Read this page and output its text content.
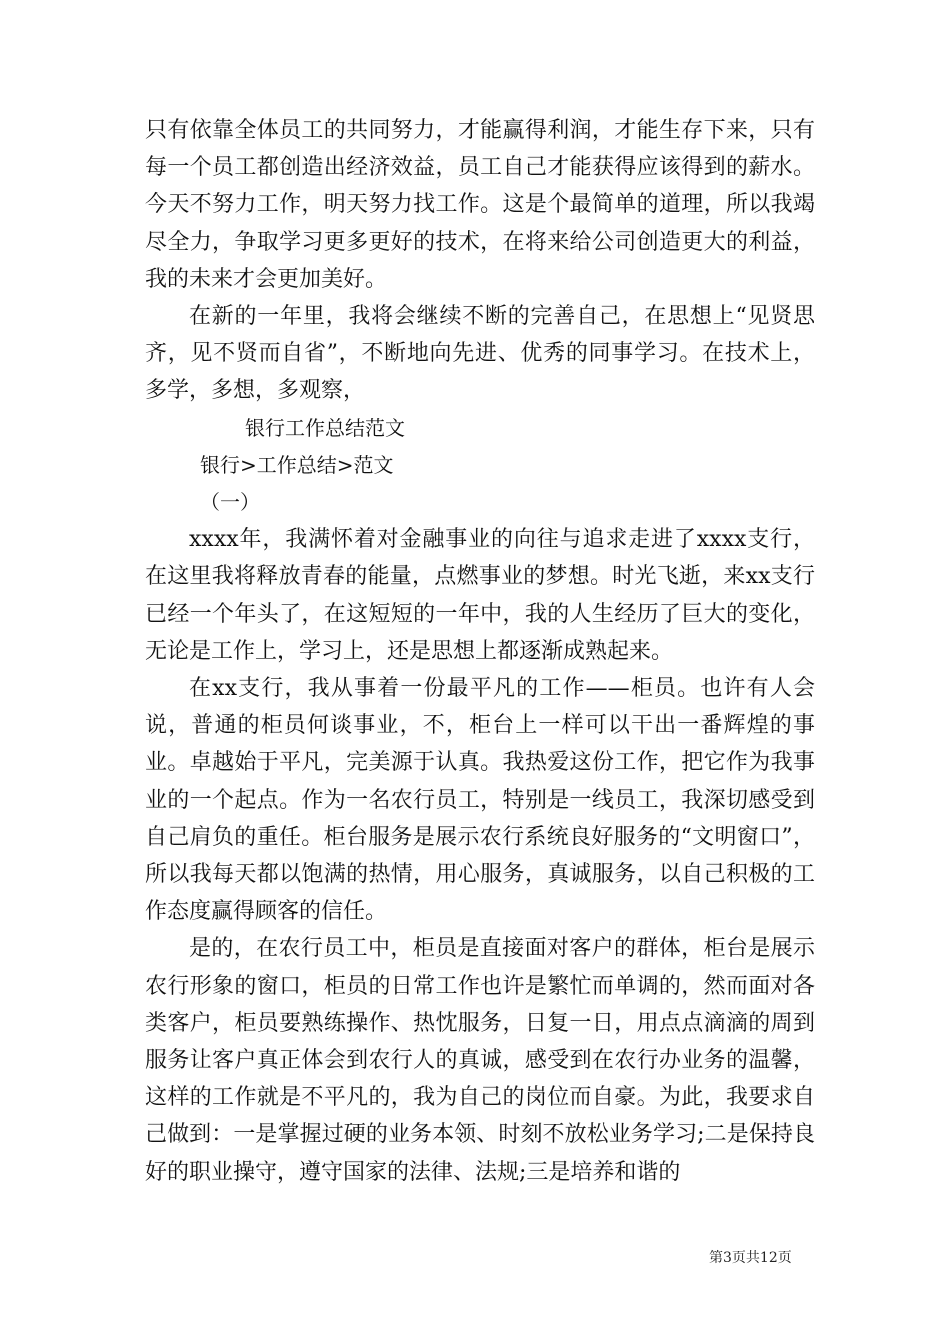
只有依靠全体员工的共同努力，才能赢得利润，才能生存下来，只有每一个员工都创造出经济效益，员工自己才能获得应该得到的薪水。今天不努力工作，明天努力找工作。这是个最简单的道理，所以我竭尽全力，争取学习更多更好的技术，在将来给公司创造更大的利益，我的未来才会更加美好。

在新的一年里，我将会继续不断的完善自己，在思想上“见贤思齐，见不贤而自省”，不断地向先进、优秀的同事学习。在技术上，多学，多想，多观察，

银行工作总结范文

银行>工作总结>范文

（一）

xxxx年，我满怀着对金融事业的向往与追求走进了xxxx支行，在这里我将释放青春的能量，点燃事业的梦想。时光飞逝，来xx支行已经一个年头了，在这短短的一年中，我的人生经历了巨大的变化，无论是工作上，学习上，还是思想上都逐渐成熟起来。

在xx支行，我从事着一份最平凡的工作——柜员。也许有人会说，普通的柜员何谈事业，不，柜台上一样可以干出一番辉煌的事业。卓越始于平凡，完美源于认真。我热爱这份工作，把它作为我事业的一个起点。作为一名农行员工，特别是一线员工，我深切感受到自己肩负的重任。柜台服务是展示农行系统良好服务的“文明窗口”，所以我每天都以饱满的热情，用心服务，真诚服务，以自己积极的工作态度赢得顾客的信任。

是的，在农行员工中，柜员是直接面对客户的群体，柜台是展示农行形象的窗口，柜员的日常工作也许是繁忙而单调的，然而面对各类客户，柜员要熟练操作、热忱服务，日复一日，用点点滴滴的周到服务让客户真正体会到农行人的真诚，感受到在农行办业务的温馨，这样的工作就是不平凡的，我为自己的岗位而自豪。为此，我要求自己做到：一是掌握过硬的业务本领、时刻不放松业务学习;二是保持良好的职业操守，遵守国家的法律、法规;三是培养和谐的

第3页共12页
